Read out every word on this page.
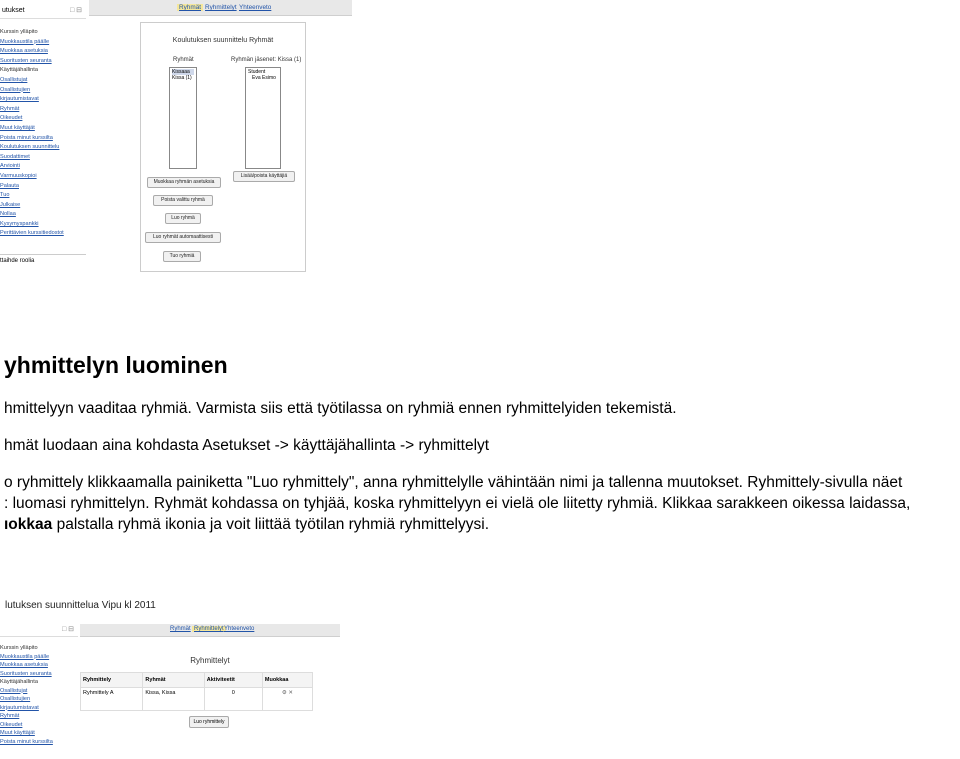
utukset	□ ⊟
Kurssin ylläpito
Muokkaustila päälle
Muokkaa asetuksia
Suoritusten seuranta
Käyttäjähallinta
Osallistujat
Osallistujien
kirjautumistavat
Ryhmät
Oikeudet
Muut käyttäjät
Poista minut kurssilta
Koulutuksen suunnittelu
Suodattimet
Arviointi
Varmuuskopioi
Palauta
Tuo
Julkaise
Nollaa
Kysymyspankki
Perittävien kurssitiedostot
ttaihde roolia
Ryhmät Ryhmittelyt Yhteenveto
Koulutuksen suunnittelu Ryhmät
Ryhmät	Ryhmän jäsenet: Kissa (1)
Kissaaa
Kissa (1)
Student
Eva Esimo
Muokkaa ryhmän asetuksia
Poista valittu ryhmä
Luo ryhmä
Luo ryhmät automaattisesti
Tuo ryhmiä
Lisää/poista käyttäjiä
yhmittelyn luominen
hmittelyyn vaaditaa ryhmiä. Varmista siis että työtilassa on ryhmiä ennen ryhmittelyiden tekemistä.
hmät luodaan aina kohdasta Asetukset -> käyttäjähallinta -> ryhmittelyt
o ryhmittely klikkaamalla painiketta "Luo ryhmittely", anna ryhmittelylle vähintään nimi ja tallenna muutokset. Ryhmittely-sivulla näet
: luomasi ryhmittelyn. Ryhmät kohdassa on tyhjää, koska ryhmittelyyn ei vielä ole liitetty ryhmiä. Klikkaa sarakkeen oikessa laidassa,
ıokkaa palstalla ryhmä ikonia ja voit liittää työtilan ryhmiä ryhmittelyysi.
lutuksen suunnittelua Vipu kl 2011
□ ⊟
Kurssin ylläpito
Muokkaustila päälle
Muokkaa asetuksia
Suoritusten seuranta
Käyttäjähallinta
Osallistujat
Osallistujien
kirjautumistavat
Ryhmät
Oikeudet
Muut käyttäjät
Poista minut kurssilta
Ryhmät Ryhmittelyt Yhteenveto
Ryhmittelyt
Ryhmittely	Ryhmät	Aktiviteetit	Muokkaa
Ryhmittely A	Kissa, Kissa	0	⚙ ✕
Luo ryhmittely
